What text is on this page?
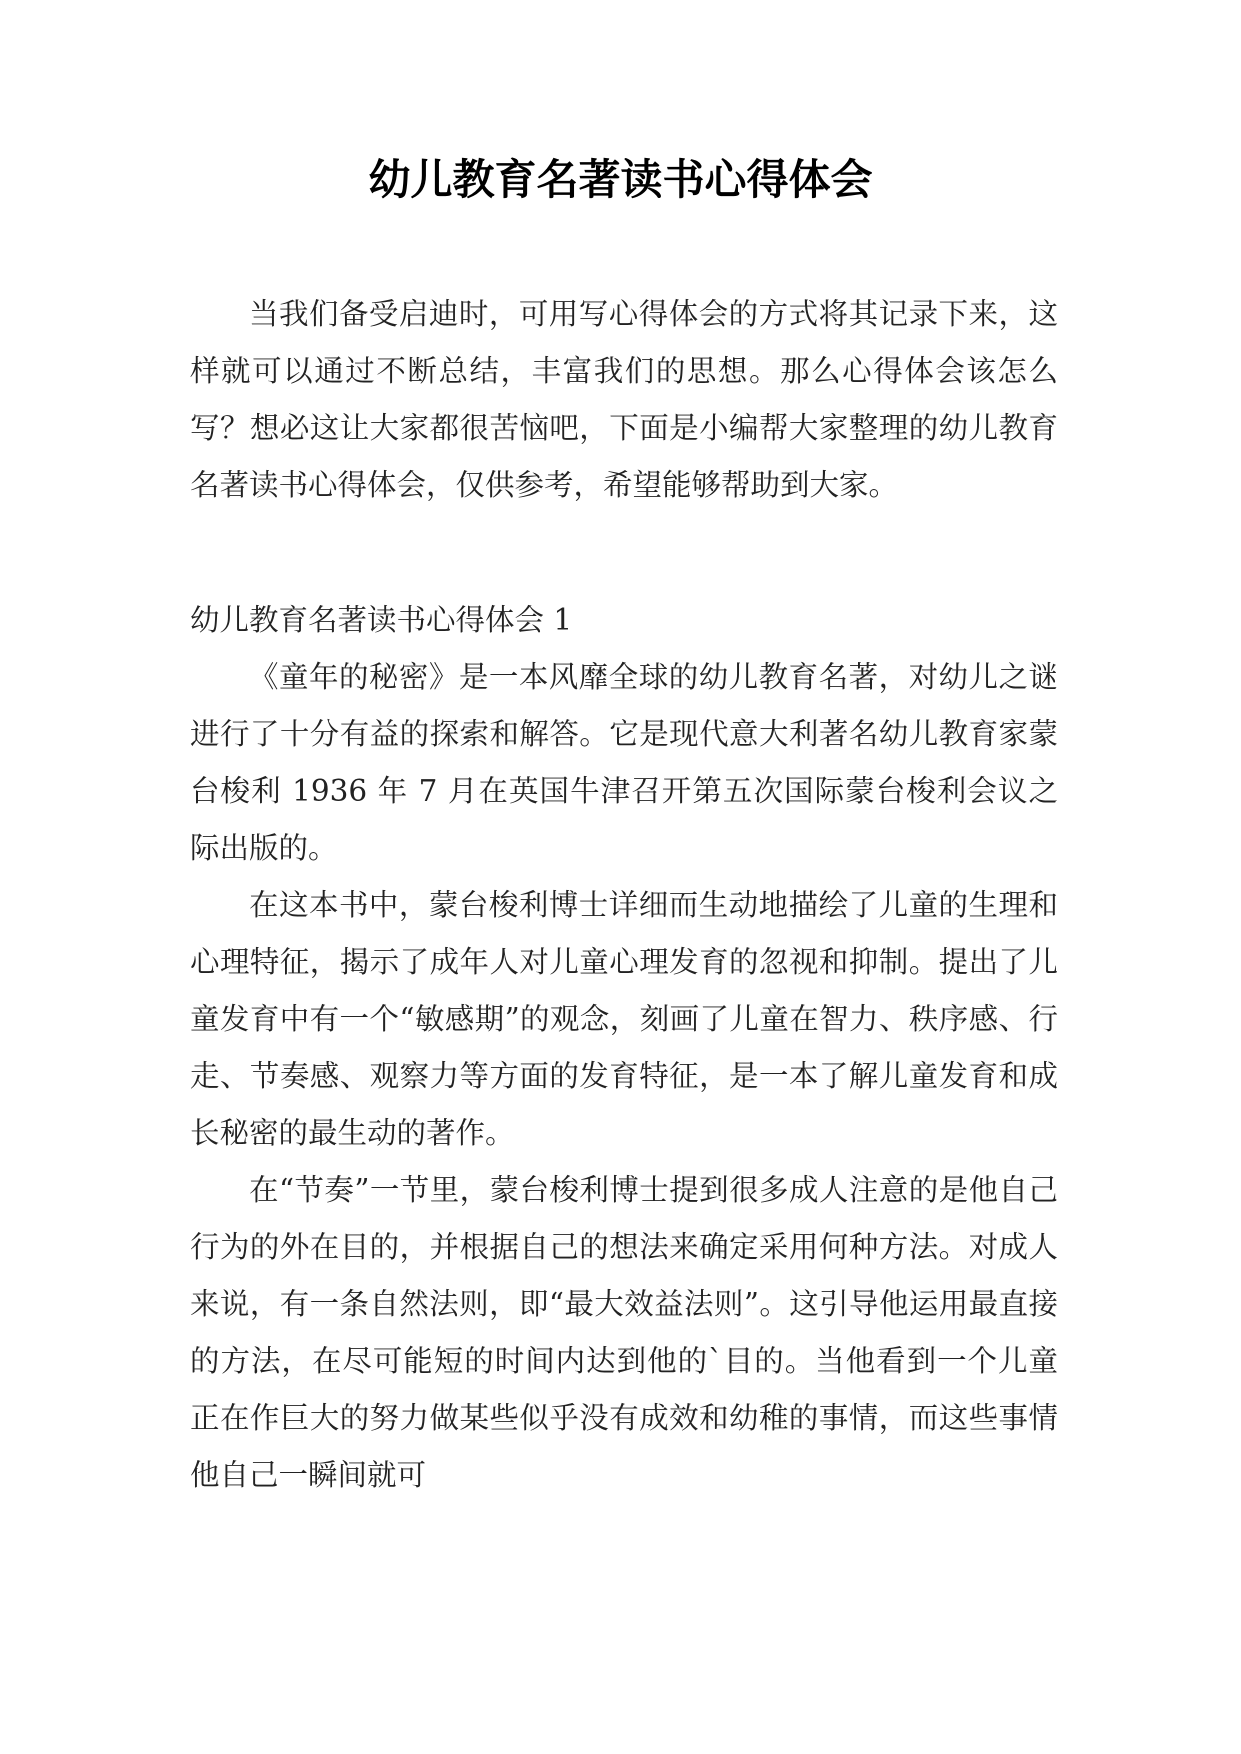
幼儿教育名著读书心得体会

当我们备受启迪时，可用写心得体会的方式将其记录下来，这样就可以通过不断总结，丰富我们的思想。那么心得体会该怎么写？想必这让大家都很苦恼吧，下面是小编帮大家整理的幼儿教育名著读书心得体会，仅供参考，希望能够帮助到大家。

幼儿教育名著读书心得体会 1

《童年的秘密》是一本风靡全球的幼儿教育名著，对幼儿之谜进行了十分有益的探索和解答。它是现代意大利著名幼儿教育家蒙台梭利 1936 年 7 月在英国牛津召开第五次国际蒙台梭利会议之际出版的。

在这本书中，蒙台梭利博士详细而生动地描绘了儿童的生理和心理特征，揭示了成年人对儿童心理发育的忽视和抑制。提出了儿童发育中有一个“敏感期”的观念，刻画了儿童在智力、秩序感、行走、节奏感、观察力等方面的发育特征，是一本了解儿童发育和成长秘密的最生动的著作。

在“节奏”一节里，蒙台梭利博士提到很多成人注意的是他自己行为的外在目的，并根据自己的想法来确定采用何种方法。对成人来说，有一条自然法则，即“最大效益法则”。这引导他运用最直接的方法，在尽可能短的时间内达到他的`目的。当他看到一个儿童正在作巨大的努力做某些似乎没有成效和幼稚的事情，而这些事情他自己一瞬间就可
